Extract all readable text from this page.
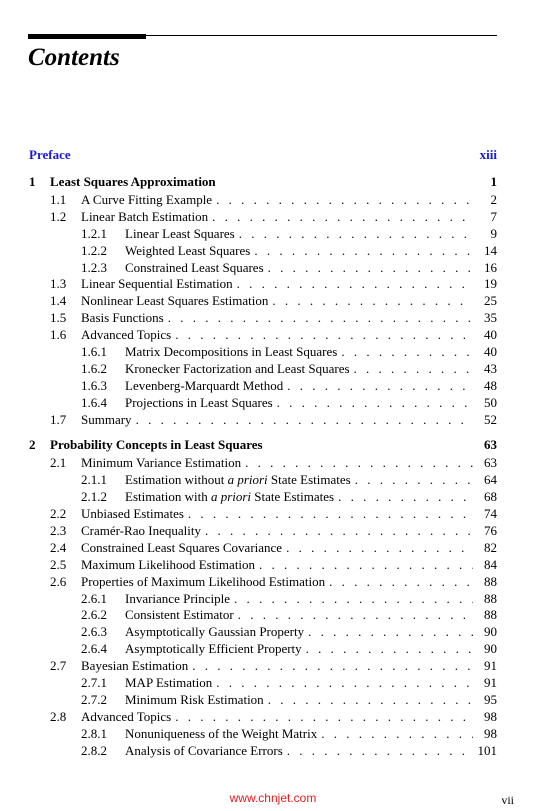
Contents
Preface	xiii
1	Least Squares Approximation	1
1.1	A Curve Fitting Example . . .	2
1.2	Linear Batch Estimation . . .	7
1.2.1	Linear Least Squares . . .	9
1.2.2	Weighted Least Squares . . .	14
1.2.3	Constrained Least Squares . . .	16
1.3	Linear Sequential Estimation . . .	19
1.4	Nonlinear Least Squares Estimation . . .	25
1.5	Basis Functions . . .	35
1.6	Advanced Topics . . .	40
1.6.1	Matrix Decompositions in Least Squares . . .	40
1.6.2	Kronecker Factorization and Least Squares . . .	43
1.6.3	Levenberg-Marquardt Method . . .	48
1.6.4	Projections in Least Squares . . .	50
1.7	Summary . . .	52
2	Probability Concepts in Least Squares	63
2.1	Minimum Variance Estimation . . .	63
2.1.1	Estimation without a priori State Estimates . . .	64
2.1.2	Estimation with a priori State Estimates . . .	68
2.2	Unbiased Estimates . . .	74
2.3	Cramér-Rao Inequality . . .	76
2.4	Constrained Least Squares Covariance . . .	82
2.5	Maximum Likelihood Estimation . . .	84
2.6	Properties of Maximum Likelihood Estimation . . .	88
2.6.1	Invariance Principle . . .	88
2.6.2	Consistent Estimator . . .	88
2.6.3	Asymptotically Gaussian Property . . .	90
2.6.4	Asymptotically Efficient Property . . .	90
2.7	Bayesian Estimation . . .	91
2.7.1	MAP Estimation . . .	91
2.7.2	Minimum Risk Estimation . . .	95
2.8	Advanced Topics . . .	98
2.8.1	Nonuniqueness of the Weight Matrix . . .	98
2.8.2	Analysis of Covariance Errors . . .	101
www.chnjet.com	vii
